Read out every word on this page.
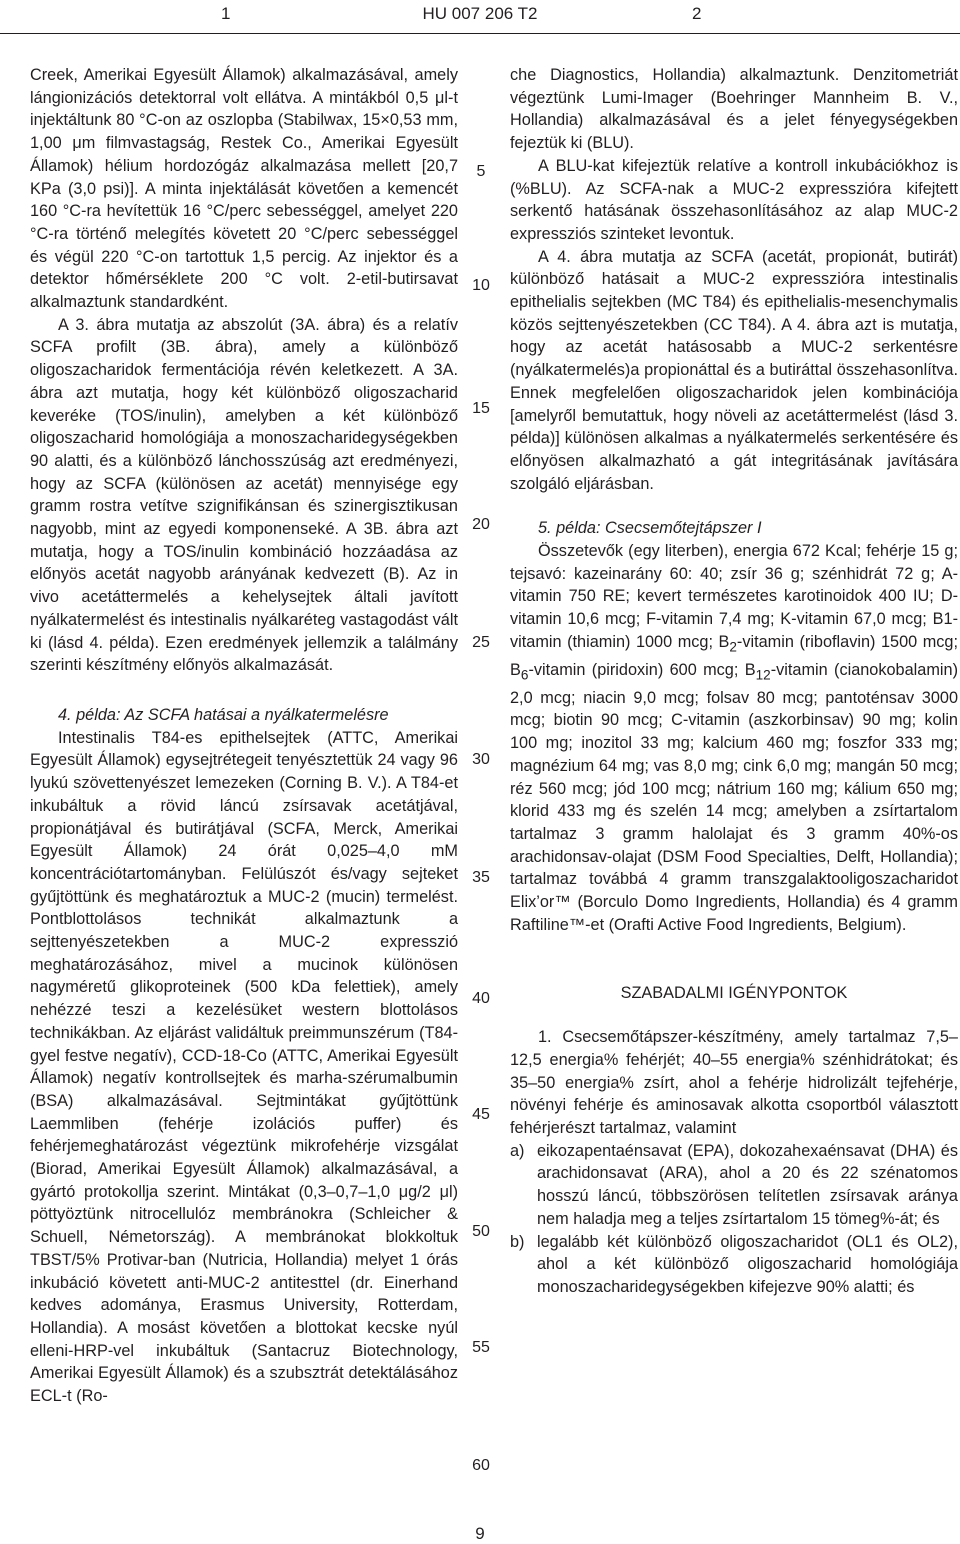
1	HU 007 206 T2	2

Creek, Amerikai Egyesült Államok) alkalmazásával, amely lángionizációs detektorral volt ellátva. A mintákból 0,5 μl-t injektáltunk 80 °C-on az oszlopba (Stabilwax, 15×0,53 mm, 1,00 μm filmvastagság, Restek Co., Amerikai Egyesült Államok) hélium hordozógáz alkalmazása mellett [20,7 KPa (3,0 psi)]. A minta injektálását követően a kemencét 160 °C-ra hevítettük 16 °C/perc sebességgel, amelyet 220 °C-ra történő melegítés követett 20 °C/perc sebességgel és végül 220 °C-on tartottuk 1,5 percig. Az injektor és a detektor hőmérséklete 200 °C volt. 2-etil-butirsavat alkalmaztunk standardként.

A 3. ábra mutatja az abszolút (3A. ábra) és a relatív SCFA profilt (3B. ábra), amely a különböző oligoszacharidok fermentációja révén keletkezett. A 3A. ábra azt mutatja, hogy két különböző oligoszacharid keveréke (TOS/inulin), amelyben a két különböző oligoszacharid homológiája a monoszacharidegységekben 90 alatti, és a különböző lánchosszúság azt eredményezi, hogy az SCFA (különösen az acetát) mennyisége egy gramm rostra vetítve szignifikánsan és szinergisztikusan nagyobb, mint az egyedi komponenseké. A 3B. ábra azt mutatja, hogy a TOS/inulin kombináció hozzáadása az előnyös acetát nagyobb arányának kedvezett (B). Az in vivo acetáttermelés a kehelysejtek általi javított nyálkatermelést és intestinalis nyálkaréteg vastagodást vált ki (lásd 4. példa). Ezen eredmények jellemzik a találmány szerinti készítmény előnyös alkalmazását.

4. példa: Az SCFA hatásai a nyálkatermelésre

Intestinalis T84-es epithelsejtek (ATTC, Amerikai Egyesült Államok) egysejtrétegeit tenyésztettük 24 vagy 96 lyukú szövettenyészet lemezeken (Corning B. V.). A T84-et inkubáltuk a rövid láncú zsírsavak acetátjával, propionátjával és butirátjával (SCFA, Merck, Amerikai Egyesült Államok) 24 órát 0,025–4,0 mM koncentrációtartományban. Felülúszót és/vagy sejteket gyűjtöttünk és meghatároztuk a MUC-2 (mucin) termelést. Pontblottolásos technikát alkalmaztunk a sejttenyészetekben a MUC-2 expresszió meghatározásához, mivel a mucinok különösen nagyméretű glikoproteinek (500 kDa felettiek), amely nehézzé teszi a kezelésüket western blottolásos technikákban. Az eljárást validáltuk preimmunszérum (T84-gyel festve negatív), CCD-18-Co (ATTC, Amerikai Egyesült Államok) negatív kontrollsejtek és marha-szérumalbumin (BSA) alkalmazásával. Sejtmintákat gyűjtöttünk Laemmliben (fehérje izolációs puffer) és fehérjemeghatározást végeztünk mikrofehérje vizsgálat (Biorad, Amerikai Egyesült Államok) alkalmazásával, a gyártó protokollja szerint. Mintákat (0,3–0,7–1,0 μg/2 μl) pöttyöztünk nitrocellulóz membránokra (Schleicher & Schuell, Németország). A membránokat blokkoltuk TBST/5% Protivar-ban (Nutricia, Hollandia) melyet 1 órás inkubáció követett anti-MUC-2 antitesttel (dr. Einerhand kedves adománya, Erasmus University, Rotterdam, Hollandia). A mosást követően a blottokat kecske nyúl elleni-HRP-vel inkubáltuk (Santacruz Biotechnology, Amerikai Egyesült Államok) és a szubsztrát detektálásához ECL-t (Ro-

che Diagnostics, Hollandia) alkalmaztunk. Denzitometriát végeztünk Lumi-Imager (Boehringer Mannheim B. V., Hollandia) alkalmazásával és a jelet fényegységekben fejeztük ki (BLU).

A BLU-kat kifejeztük relatíve a kontroll inkubációkhoz is (%BLU). Az SCFA-nak a MUC-2 expresszióra kifejtett serkentő hatásának összehasonlításához az alap MUC-2 expressziós szinteket levontuk.

A 4. ábra mutatja az SCFA (acetát, propionát, butirát) különböző hatásait a MUC-2 expresszióra intestinalis epithelialis sejtekben (MC T84) és epithelialis-mesenchymalis közös sejttenyészetekben (CC T84). A 4. ábra azt is mutatja, hogy az acetát hatásosabb a MUC-2 serkentésre (nyálkatermelés)a propionáttal és a butiráttal összehasonlítva. Ennek megfelelően oligoszacharidok jelen kombinációja [amelyről bemutattuk, hogy növeli az acetáttermelést (lásd 3. példa)] különösen alkalmas a nyálkatermelés serkentésére és előnyösen alkalmazható a gát integritásának javítására szolgáló eljárásban.

5. példa: Csecsemőtejtápszer I

Összetevők (egy literben), energia 672 Kcal; fehérje 15 g; tejsavó: kazeinarány 60: 40; zsír 36 g; szénhidrát 72 g; A-vitamin 750 RE; kevert természetes karotinoidok 400 IU; D-vitamin 10,6 mcg; F-vitamin 7,4 mg; K-vitamin 67,0 mcg; B1-vitamin (thiamin) 1000 mcg; $B_2$-vitamin (riboflavin) 1500 mcg; $B_6$-vitamin (piridoxin) 600 mcg; $B_{12}$-vitamin (cianokobalamin) 2,0 mcg; niacin 9,0 mcg; folsav 80 mcg; pantoténsav 3000 mcg; biotin 90 mcg; C-vitamin (aszkorbinsav) 90 mg; kolin 100 mg; inozitol 33 mg; kalcium 460 mg; foszfor 333 mg; magnézium 64 mg; vas 8,0 mg; cink 6,0 mg; mangán 50 mcg; réz 560 mcg; jód 100 mcg; nátrium 160 mg; kálium 650 mg; klorid 433 mg és szelén 14 mcg; amelyben a zsírtartalom tartalmaz 3 gramm halolajat és 3 gramm 40%-os arachidonsav-olajat (DSM Food Specialties, Delft, Hollandia); tartalmaz továbbá 4 gramm transzgalaktooligoszacharidot Elix’or™ (Borculo Domo Ingredients, Hollandia) és 4 gramm Raftiline™-et (Orafti Active Food Ingredients, Belgium).

SZABADALMI IGÉNYPONTOK

1. Csecsemőtápszer-készítmény, amely tartalmaz 7,5–12,5 energia% fehérjét; 40–55 energia% szénhidrátokat; és 35–50 energia% zsírt, ahol a fehérje hidrolizált tejfehérje, növényi fehérje és aminosavak alkotta csoportból választott fehérjerészt tartalmaz, valamint

a) eikozapentaénsavat (EPA), dokozahexaénsavat (DHA) és arachidonsavat (ARA), ahol a 20 és 22 szénatomos hosszú láncú, többszörösen telítetlen zsírsavak aránya nem haladja meg a teljes zsírtartalom 15 tömeg%-át; és
b) legalább két különböző oligoszacharidot (OL1 és OL2), ahol a két különböző oligoszacharid homológiája monoszacharidegységekben kifejezve 90% alatti; és
5
10
15
20
25
30
35
40
45
50
55
60
9
